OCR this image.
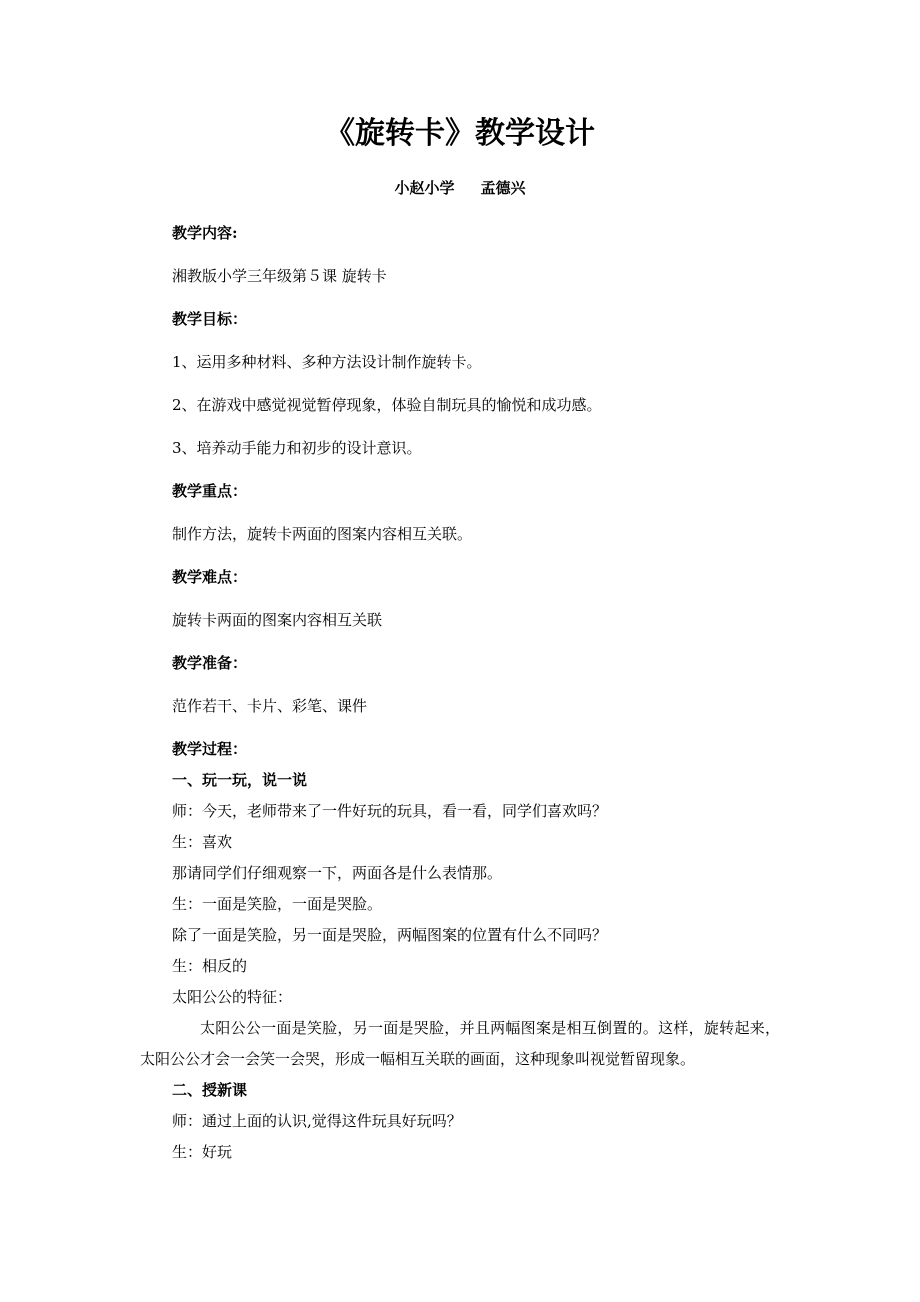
《旋转卡》教学设计
小赵小学     孟德兴
教学内容:
湘教版小学三年级第５课 旋转卡
教学目标：
1、运用多种材料、多种方法设计制作旋转卡。
2、在游戏中感觉视觉暂停现象，体验自制玩具的愉悦和成功感。
3、培养动手能力和初步的设计意识。
教学重点：
制作方法，旋转卡两面的图案内容相互关联。
教学难点：
旋转卡两面的图案内容相互关联
教学准备：
范作若干、卡片、彩笔、课件
教学过程：
一、玩一玩，说一说
师：今天，老师带来了一件好玩的玩具，看一看，同学们喜欢吗？
生：喜欢
那请同学们仔细观察一下，两面各是什么表情那。
生：一面是笑脸，一面是哭脸。
除了一面是笑脸，另一面是哭脸，两幅图案的位置有什么不同吗？
生：相反的
太阳公公的特征：
太阳公公一面是笑脸，另一面是哭脸，并且两幅图案是相互倒置的。这样，旋转起来，太阳公公才会一会笑一会哭，形成一幅相互关联的画面，这种现象叫视觉暂留现象。
二、授新课
师：通过上面的认识,觉得这件玩具好玩吗？
生：好玩
